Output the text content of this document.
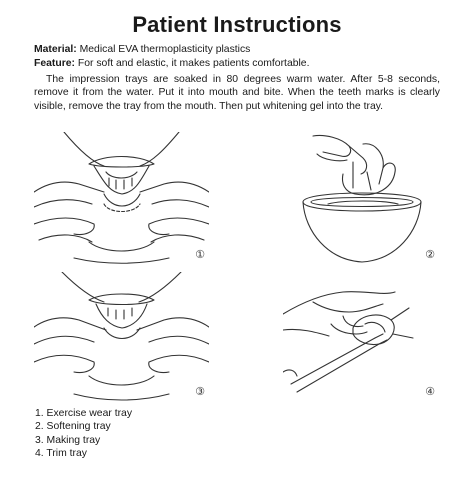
Patient Instructions
Material: Medical EVA thermoplasticity plastics
Feature: For soft and elastic, it makes patients comfortable.
The impression trays are soaked in 80 degrees warm water. After 5-8 seconds, remove it from the water. Put it into mouth and bite. When the teeth marks is clearly visible, remove the tray from the mouth. Then put whitening gel into the tray.
①	②
③	④
1. Exercise wear tray
2. Softening tray
3. Making tray
4. Trim tray
